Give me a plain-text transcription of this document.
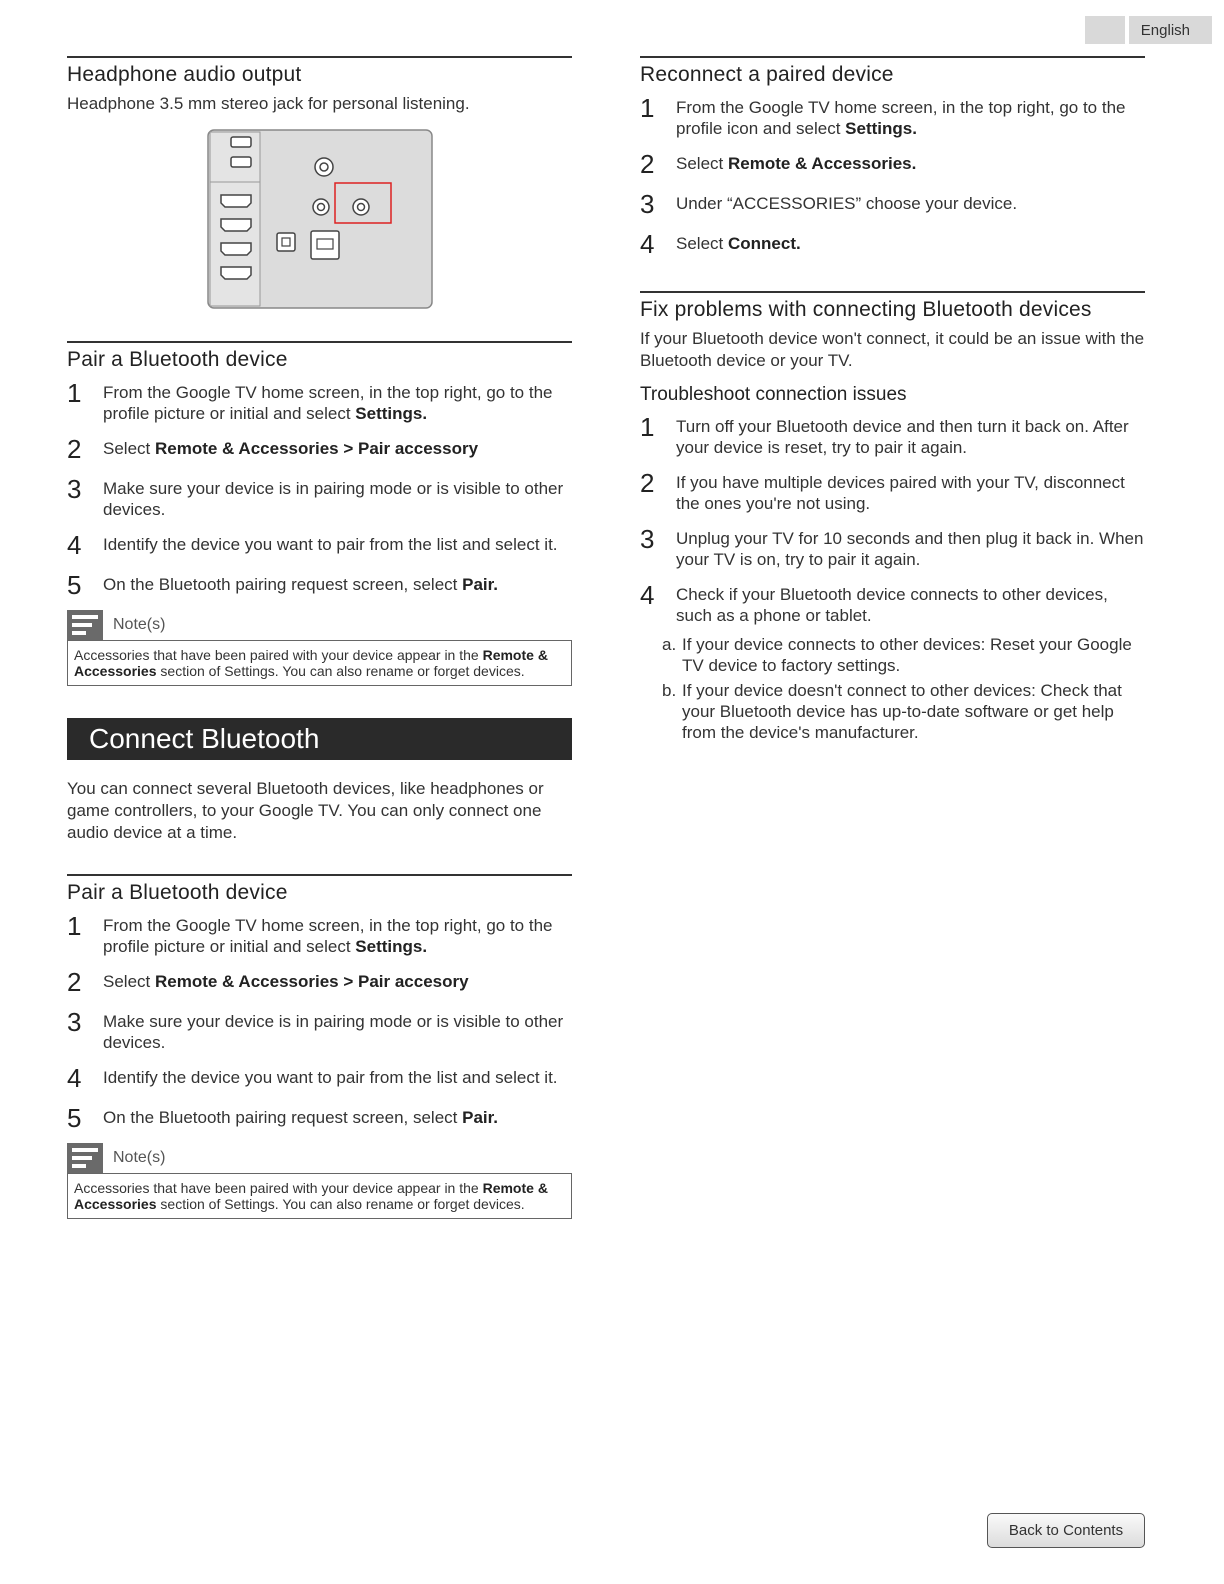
English
Headphone audio output

Headphone 3.5 mm stereo jack for personal listening.

Pair a Bluetooth device
1	From the Google TV home screen, in the top right, go to the profile picture or initial and select Settings.
2	Select Remote & Accessories > Pair accessory
3	Make sure your device is in pairing mode or is visible to other devices.
4	Identify the device you want to pair from the list and select it.
5	On the Bluetooth pairing request screen, select Pair.
Note(s)
Accessories that have been paired with your device appear in the Remote & Accessories section of Settings. You can also rename or forget devices.
Connect Bluetooth

You can connect several Bluetooth devices, like headphones or game controllers, to your Google TV. You can only connect one audio device at a time.

Pair a Bluetooth device
1	From the Google TV home screen, in the top right, go to the profile picture or initial and select Settings.
2	Select Remote & Accessories > Pair accesory
3	Make sure your device is in pairing mode or is visible to other devices.
4	Identify the device you want to pair from the list and select it.
5	On the Bluetooth pairing request screen, select Pair.
Note(s)
Accessories that have been paired with your device appear in the Remote & Accessories section of Settings. You can also rename or forget devices.
Reconnect a paired device
1	From the Google TV home screen, in the top right, go to the profile icon and select Settings.
2	Select Remote & Accessories.
3	Under “ACCESSORIES” choose your device.
4	Select Connect.
Fix problems with connecting Bluetooth devices

If your Bluetooth device won't connect, it could be an issue with the Bluetooth device or your TV.

Troubleshoot connection issues
1	Turn off your Bluetooth device and then turn it back on. After your device is reset, try to pair it again.
2	If you have multiple devices paired with your TV, disconnect the ones you're not using.
3	Unplug your TV for 10 seconds and then plug it back in. When your TV is on, try to pair it again.
4	Check if your Bluetooth device connects to other devices, such as a phone or tablet.
a. If your device connects to other devices: Reset your Google TV device to factory settings.
b. If your device doesn't connect to other devices: Check that your Bluetooth device has up-to-date software or get help from the device's manufacturer.
Back to Contents
